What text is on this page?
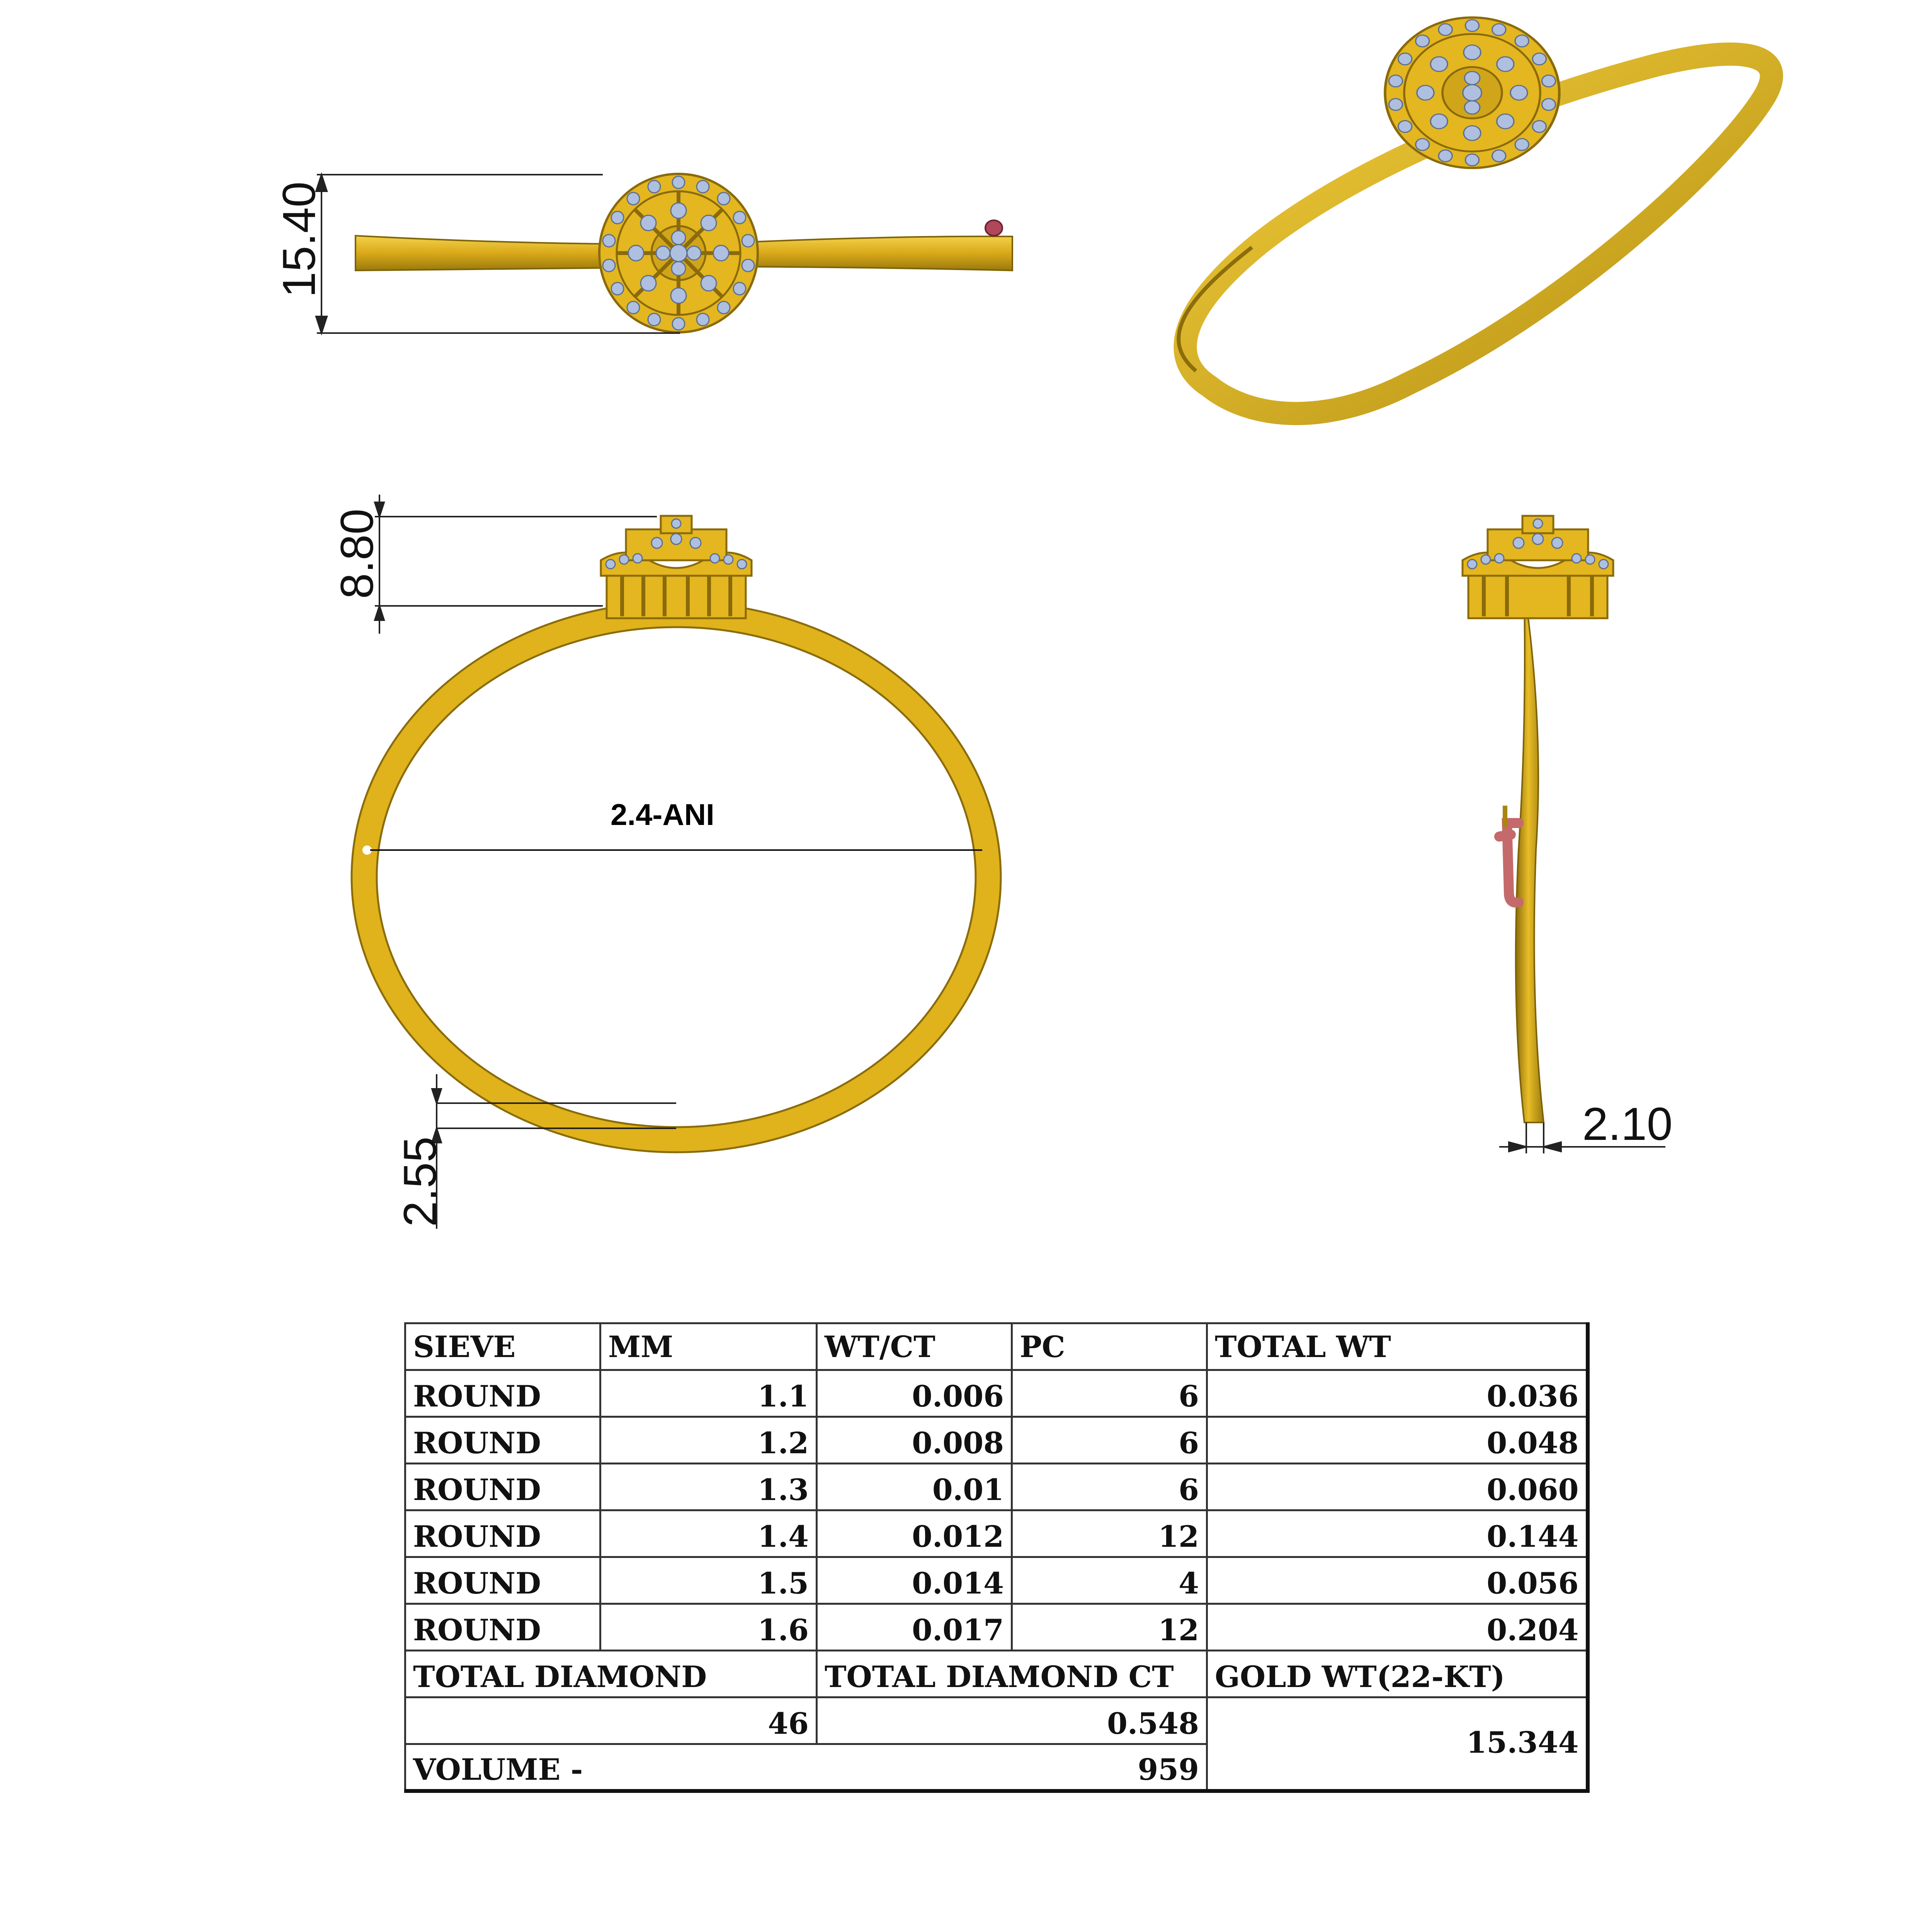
15.40
2.4-ANI
8.80
2.55
2.10
SIEVE	MM	WT/CT	PC	TOTAL WT
ROUND	1.1	0.006	6	0.036
ROUND	1.2	0.008	6	0.048
ROUND	1.3	0.01	6	0.060
ROUND	1.4	0.012	12	0.144
ROUND	1.5	0.014	4	0.056
ROUND	1.6	0.017	12	0.204
TOTAL DIAMOND		TOTAL DIAMOND CT		GOLD WT(22-KT)
46		0.548		15.344
VOLUME -		959		
